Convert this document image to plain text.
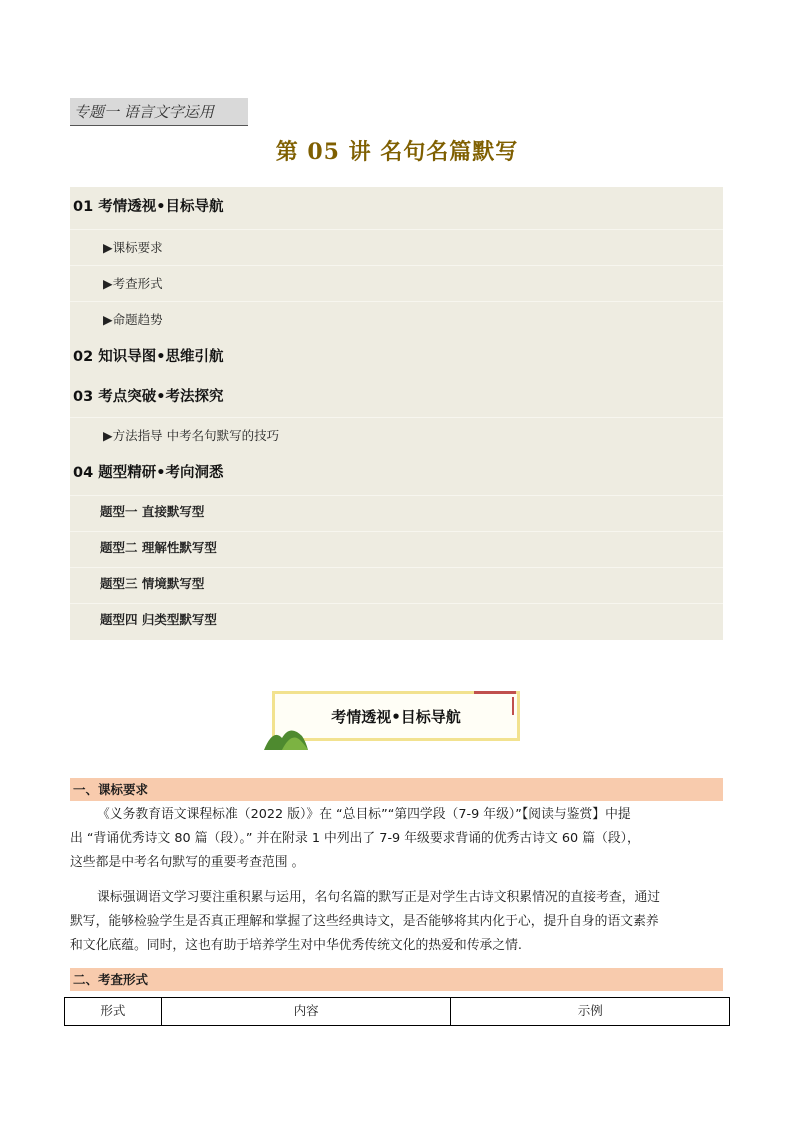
专题一 语言文字运用
第 05 讲 名句名篇默写
01 考情透视•目标导航
▶课标要求
▶考查形式
▶命题趋势
02 知识导图•思维引航
03 考点突破•考法探究
▶方法指导 中考名句默写的技巧
04 题型精研•考向洞悉
题型一 直接默写型
题型二 理解性默写型
题型三 情境默写型
题型四 归类型默写型
考情透视•目标导航
一、课标要求
《义务教育语文课程标准（2022 版）》在 “总目标”“第四学段（7-9 年级）”【阅读与鉴赏】中提
出 “背诵优秀诗文 80 篇（段）。” 并在附录 1 中列出了 7-9 年级要求背诵的优秀古诗文 60 篇（段），
这些都是中考名句默写的重要考查范围 。
课标强调语文学习要注重积累与运用，名句名篇的默写正是对学生古诗文积累情况的直接考查，通过
默写，能够检验学生是否真正理解和掌握了这些经典诗文，是否能够将其内化于心，提升自身的语文素养
和文化底蕴。同时，这也有助于培养学生对中华优秀传统文化的热爱和传承之情.
二、考查形式
形式	内容	示例
